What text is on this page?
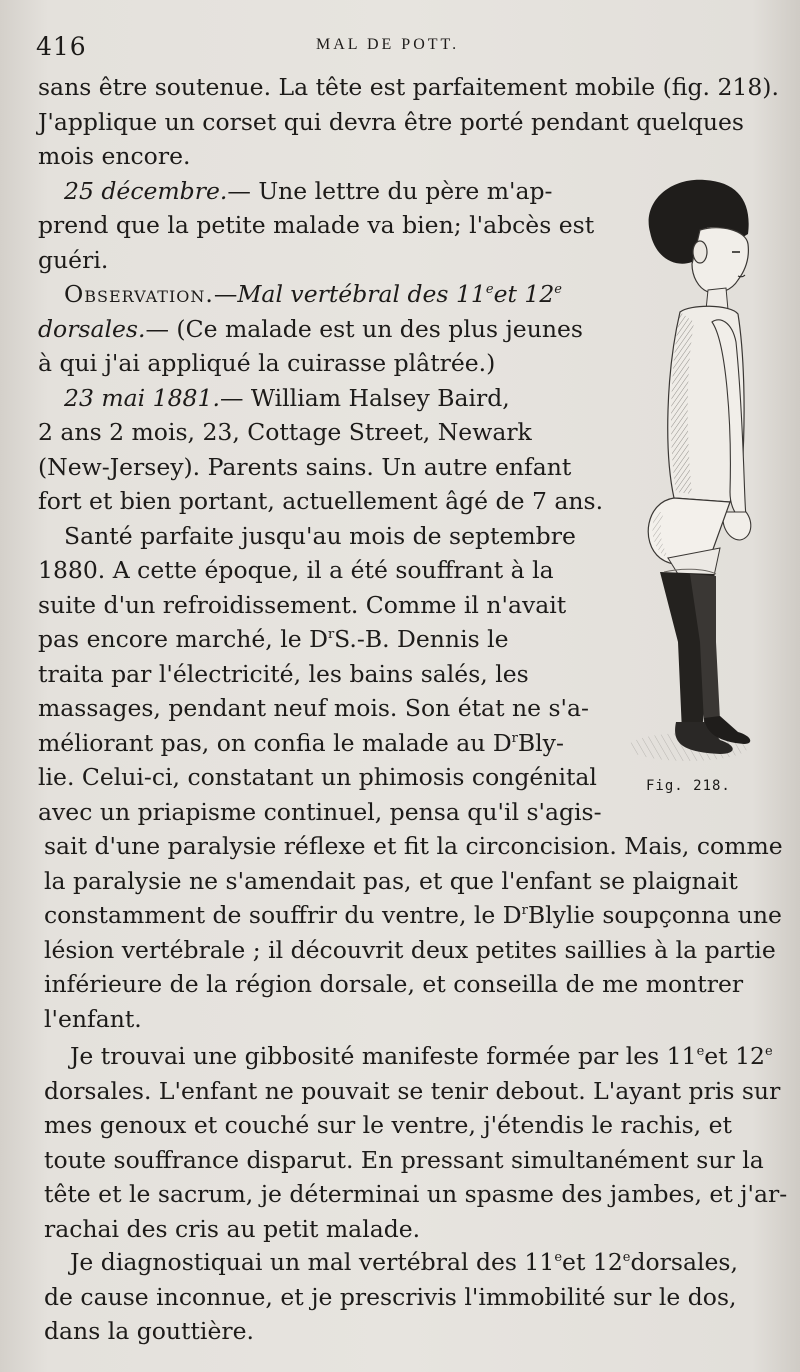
416	MAL DE POTT.
sans être soutenue. La tête est parfaitement mobile (fig. 218).
J'applique un corset qui devra être porté pendant quelques
mois encore.
25 décembre.— Une lettre du père m'ap-
prend que la petite malade va bien; l'abcès est
guéri.
Observation.—Mal vertébral des 11eet 12e
dorsales.— (Ce malade est un des plus jeunes
à qui j'ai appliqué la cuirasse plâtrée.)
23 mai 1881.— William Halsey Baird,
2 ans 2 mois, 23, Cottage Street, Newark
(New-Jersey). Parents sains. Un autre enfant
fort et bien portant, actuellement âgé de 7 ans.
Santé parfaite jusqu'au mois de septembre
1880. A cette époque, il a été souffrant à la
suite d'un refroidissement. Comme il n'avait
pas encore marché, le $D^rS.-B$. Dennis le
traita par l'électricité, les bains salés, les
massages, pendant neuf mois. Son état ne s'a-
méliorant pas, on confia le malade au $D^rBly-$
lie. Celui-ci, constatant un phimosis congénital
avec un priapisme continuel, pensa qu'il s'agis-
Fig. 218.
sait d'une paralysie réflexe et fit la circoncision. Mais, comme
la paralysie ne s'amendait pas, et que l'enfant se plaignait
constamment de souffrir du ventre, le $D^rBlylie$ soupçonna une
lésion vertébrale ; il découvrit deux petites saillies à la partie
inférieure de la région dorsale, et conseilla de me montrer
l'enfant.
Je trouvai une gibbosité manifeste formée par les 11eet 12e
dorsales. L'enfant ne pouvait se tenir debout. L'ayant pris sur
mes genoux et couché sur le ventre, j'étendis le rachis, et
toute souffrance disparut. En pressant simultanément sur la
tête et le sacrum, je déterminai un spasme des jambes, et j'ar-
rachai des cris au petit malade.
Je diagnostiquai un mal vertébral des 11eet 12edorsales,
de cause inconnue, et je prescrivis l'immobilité sur le dos,
dans la gouttière.
